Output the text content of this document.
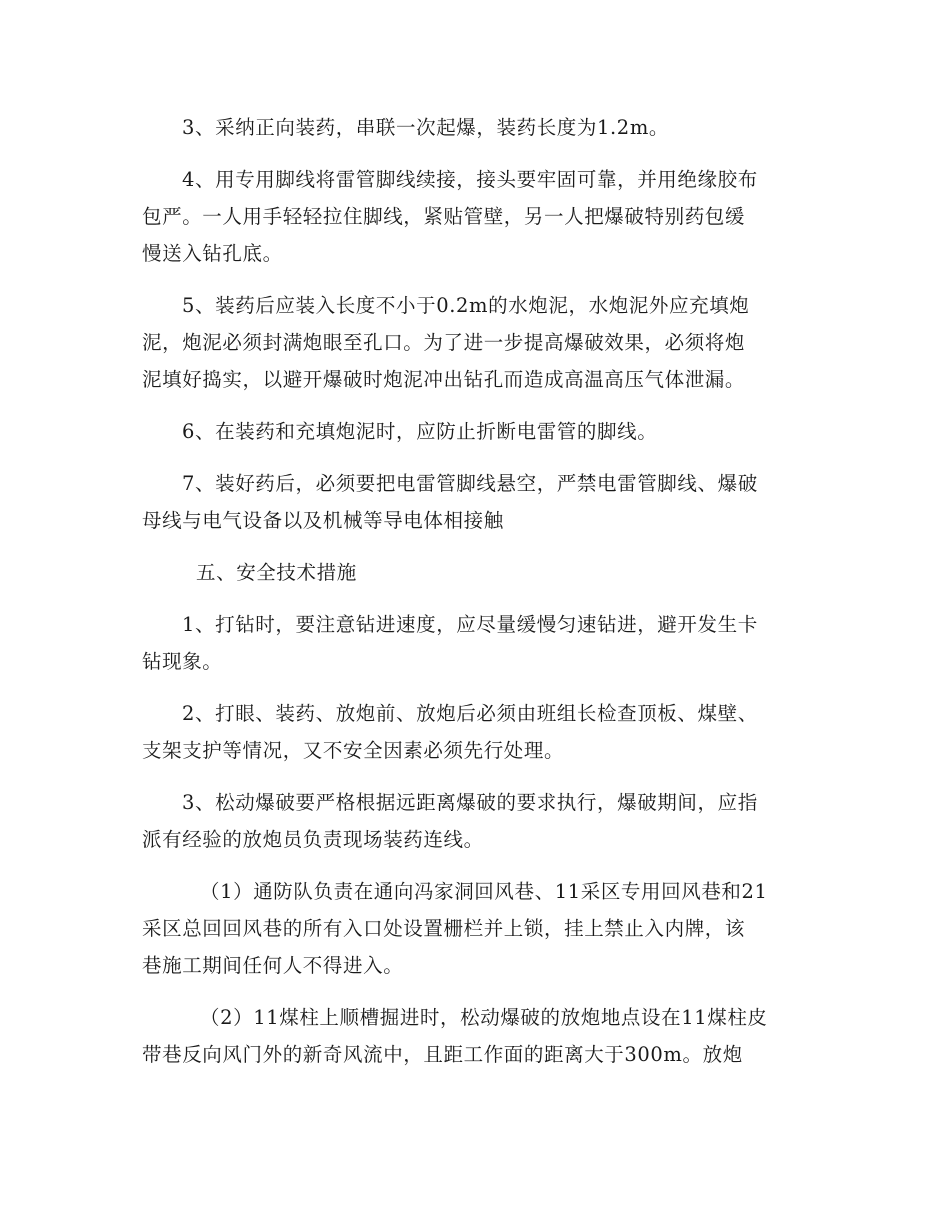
3、采纳正向装药，串联一次起爆，装药长度为1.2m。
4、用专用脚线将雷管脚线续接，接头要牢固可靠，并用绝缘胶布
包严。一人用手轻轻拉住脚线，紧贴管壁，另一人把爆破特别药包缓
慢送入钻孔底。
5、装药后应装入长度不小于0.2m的水炮泥，水炮泥外应充填炮
泥，炮泥必须封满炮眼至孔口。为了进一步提高爆破效果，必须将炮
泥填好捣实，以避开爆破时炮泥冲出钻孔而造成高温高压气体泄漏。
6、在装药和充填炮泥时，应防止折断电雷管的脚线。
7、装好药后，必须要把电雷管脚线悬空，严禁电雷管脚线、爆破
母线与电气设备以及机械等导电体相接触
五、安全技术措施
1、打钻时，要注意钻进速度，应尽量缓慢匀速钻进，避开发生卡
钻现象。
2、打眼、装药、放炮前、放炮后必须由班组长检查顶板、煤壁、
支架支护等情况，又不安全因素必须先行处理。
3、松动爆破要严格根据远距离爆破的要求执行，爆破期间，应指
派有经验的放炮员负责现场装药连线。
（1）通防队负责在通向冯家洞回风巷、11采区专用回风巷和21
采区总回回风巷的所有入口处设置栅栏并上锁，挂上禁止入内牌，该
巷施工期间任何人不得进入。
（2）11煤柱上顺槽掘进时，松动爆破的放炮地点设在11煤柱皮
带巷反向风门外的新奇风流中，且距工作面的距离大于300m。放炮
